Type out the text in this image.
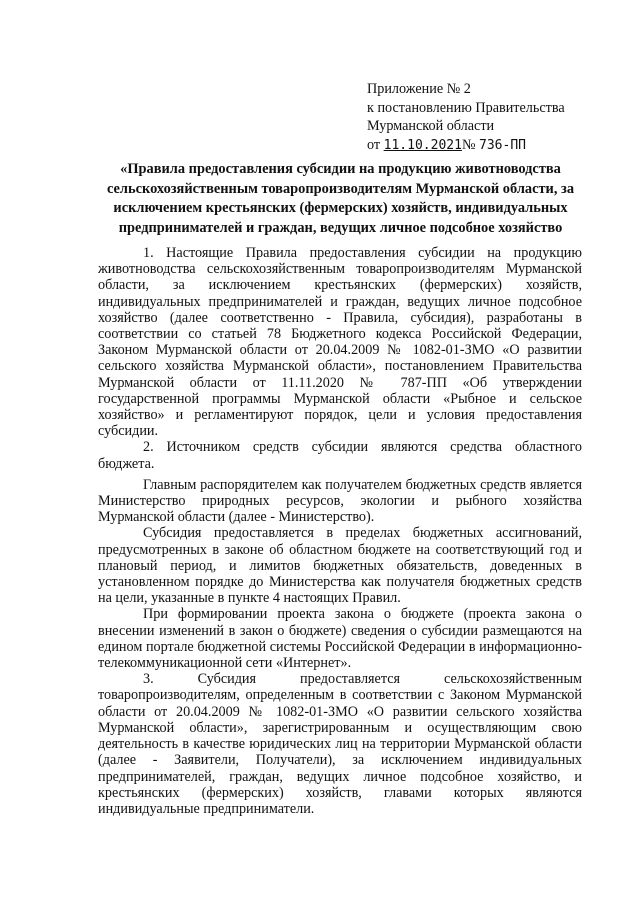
Приложение № 2
к постановлению Правительства
Мурманской области
от 11.10.2021№ 736-ПП
«Правила предоставления субсидии на продукцию животноводства сельскохозяйственным товаропроизводителям Мурманской области, за исключением крестьянских (фермерских) хозяйств, индивидуальных предпринимателей и граждан, ведущих личное подсобное хозяйство

1. Настоящие Правила предоставления субсидии на продукцию животноводства сельскохозяйственным товаропроизводителям Мурманской области, за исключением крестьянских (фермерских) хозяйств, индивидуальных предпринимателей и граждан, ведущих личное подсобное хозяйство (далее соответственно - Правила, субсидия), разработаны в соответствии со статьей 78 Бюджетного кодекса Российской Федерации, Законом Мурманской области от 20.04.2009 № 1082-01-ЗМО «О развитии сельского хозяйства Мурманской области», постановлением Правительства Мурманской области от 11.11.2020 № 787-ПП «Об утверждении государственной программы Мурманской области «Рыбное и сельское хозяйство» и регламентируют порядок, цели и условия предоставления субсидии.

2. Источником средств субсидии являются средства областного бюджета.

Главным распорядителем как получателем бюджетных средств является Министерство природных ресурсов, экологии и рыбного хозяйства Мурманской области (далее - Министерство).

Субсидия предоставляется в пределах бюджетных ассигнований, предусмотренных в законе об областном бюджете на соответствующий год и плановый период, и лимитов бюджетных обязательств, доведенных в установленном порядке до Министерства как получателя бюджетных средств на цели, указанные в пункте 4 настоящих Правил.

При формировании проекта закона о бюджете (проекта закона о внесении изменений в закон о бюджете) сведения о субсидии размещаются на едином портале бюджетной системы Российской Федерации в информационно-телекоммуникационной сети «Интернет».

3. Субсидия предоставляется сельскохозяйственным товаропроизводителям, определенным в соответствии с Законом Мурманской области от 20.04.2009 № 1082-01-ЗМО «О развитии сельского хозяйства Мурманской области», зарегистрированным и осуществляющим свою деятельность в качестве юридических лиц на территории Мурманской области (далее - Заявители, Получатели), за исключением индивидуальных предпринимателей, граждан, ведущих личное подсобное хозяйство, и крестьянских (фермерских) хозяйств, главами которых являются индивидуальные предприниматели.
